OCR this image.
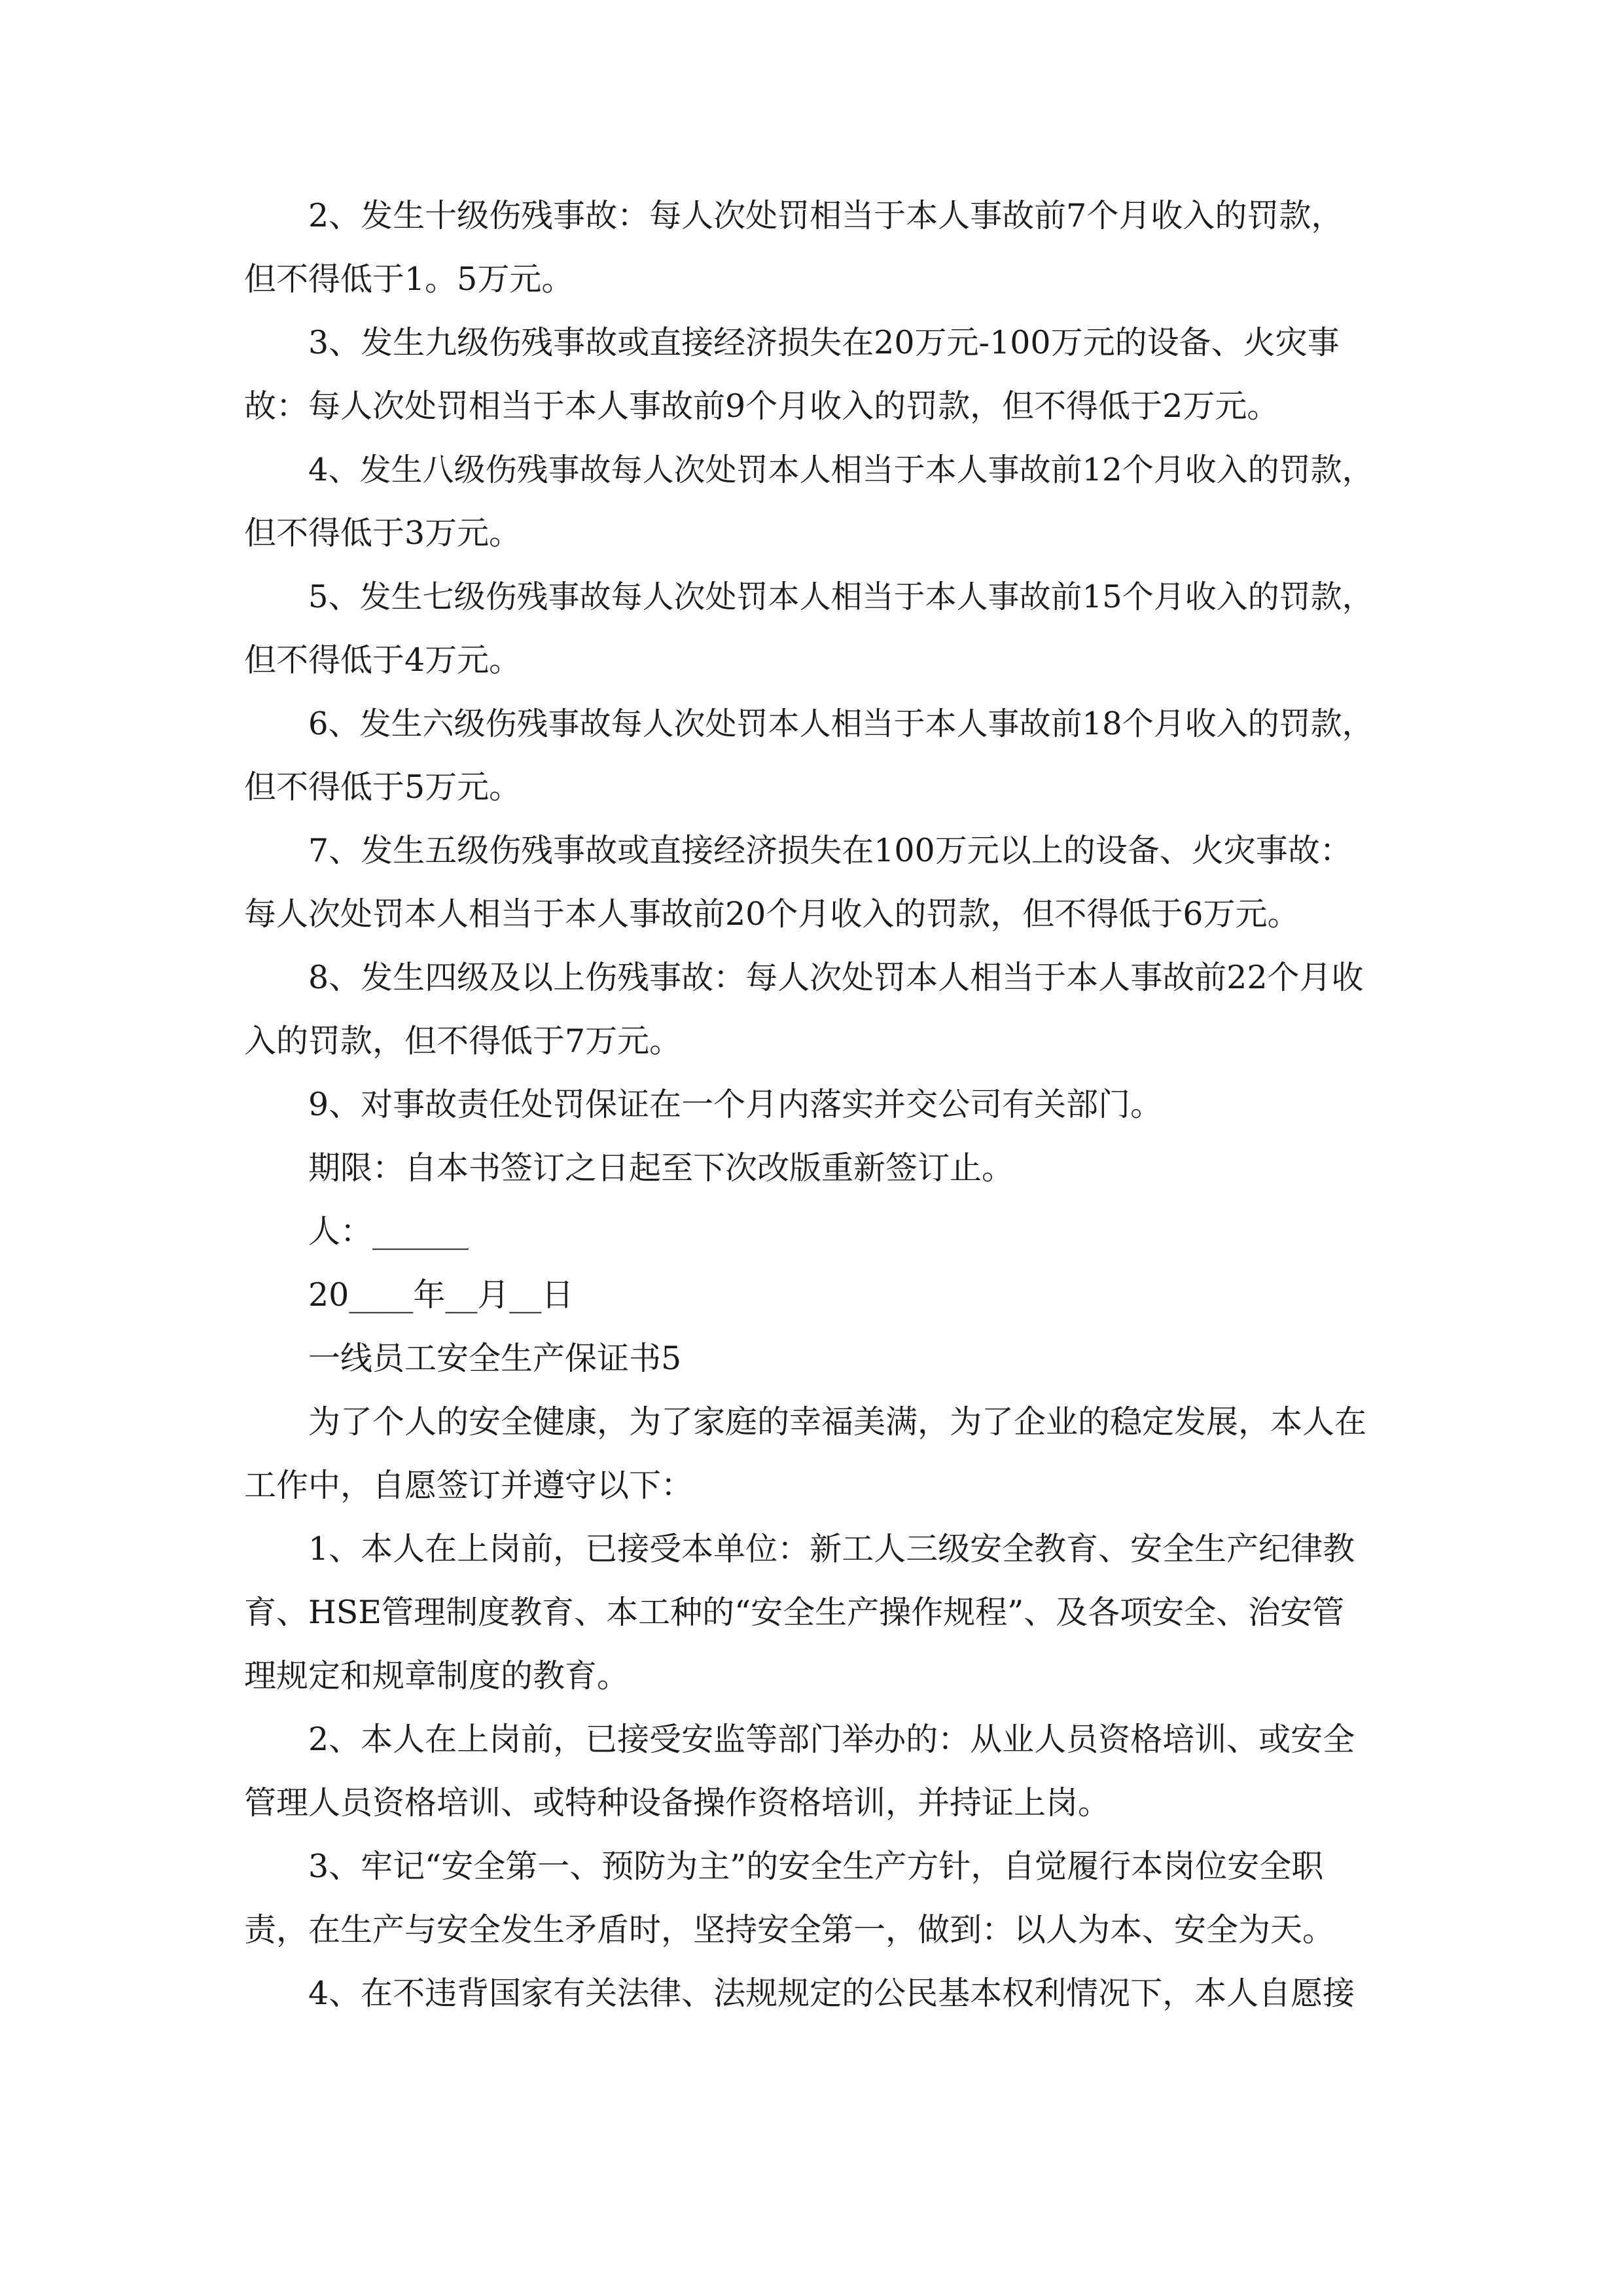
2、发生十级伤残事故：每人次处罚相当于本人事故前7个月收入的罚款，
但不得低于1。5万元。
3、发生九级伤残事故或直接经济损失在20万元-100万元的设备、火灾事
故：每人次处罚相当于本人事故前9个月收入的罚款，但不得低于2万元。
4、发生八级伤残事故每人次处罚本人相当于本人事故前12个月收入的罚款，
但不得低于3万元。
5、发生七级伤残事故每人次处罚本人相当于本人事故前15个月收入的罚款，
但不得低于4万元。
6、发生六级伤残事故每人次处罚本人相当于本人事故前18个月收入的罚款，
但不得低于5万元。
7、发生五级伤残事故或直接经济损失在100万元以上的设备、火灾事故：
每人次处罚本人相当于本人事故前20个月收入的罚款，但不得低于6万元。
8、发生四级及以上伤残事故：每人次处罚本人相当于本人事故前22个月收
入的罚款，但不得低于7万元。
9、对事故责任处罚保证在一个月内落实并交公司有关部门。
期限：自本书签订之日起至下次改版重新签订止。
人：______
20____年__月__日
一线员工安全生产保证书5
为了个人的安全健康，为了家庭的幸福美满，为了企业的稳定发展，本人在
工作中，自愿签订并遵守以下：
1、本人在上岗前，已接受本单位：新工人三级安全教育、安全生产纪律教
育、HSE管理制度教育、本工种的“安全生产操作规程”、及各项安全、治安管
理规定和规章制度的教育。
2、本人在上岗前，已接受安监等部门举办的：从业人员资格培训、或安全
管理人员资格培训、或特种设备操作资格培训，并持证上岗。
3、牢记“安全第一、预防为主”的安全生产方针，自觉履行本岗位安全职
责，在生产与安全发生矛盾时，坚持安全第一，做到：以人为本、安全为天。
4、在不违背国家有关法律、法规规定的公民基本权利情况下，本人自愿接
